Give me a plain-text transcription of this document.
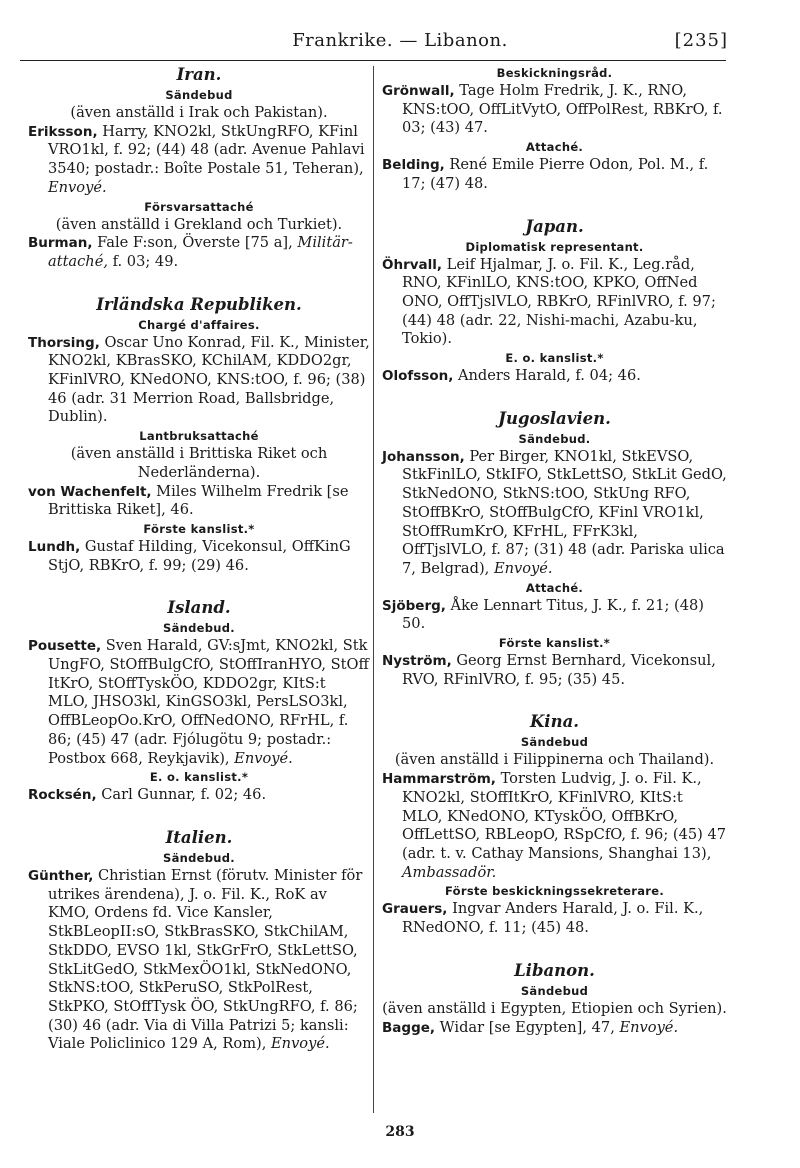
Frankrike. — Libanon.	[235]
Iran.
Sändebud
(även anställd i Irak och Pakistan).
Eriksson, Harry, KNO2kl, StkUngRFO, KFinl VRO1kl, f. 92; (44) 48 (adr. Avenue Pahlavi 3540; postadr.: Boîte Postale 51, Teheran), Envoyé.
Försvarsattaché
(även anställd i Grekland och Turkiet).
Burman, Fale F:son, Överste [75 a], Militär-attaché, f. 03; 49.
Irländska Republiken.
Chargé d'affaires.
Thorsing, Oscar Uno Konrad, Fil. K., Minister, KNO2kl, KBrasSKO, KChilAM, KDDO2gr, KFinlVRO, KNedONO, KNS:tOO, f. 96; (38) 46 (adr. 31 Merrion Road, Ballsbridge, Dublin).
Lantbruksattaché
(även anställd i Brittiska Riket och Nederländerna).
von Wachenfelt, Miles Wilhelm Fredrik [se Brittiska Riket], 46.
Förste kanslist.*
Lundh, Gustaf Hilding, Vicekonsul, OffKinG StjO, RBKrO, f. 99; (29) 46.
Island.
Sändebud.
Pousette, Sven Harald, GV:sJmt, KNO2kl, Stk UngFO, StOffBulgCfO, StOffIranHYO, StOff ItKrO, StOffTyskÖO, KDDO2gr, KItS:t MLO, JHSO3kl, KinGSO3kl, PersLSO3kl, OffBLeopOo.KrO, OffNedONO, RFrHL, f. 86; (45) 47 (adr. Fjólugötu 9; postadr.: Postbox 668, Reykjavik), Envoyé.
E. o. kanslist.*
Rocksén, Carl Gunnar, f. 02; 46.
Italien.
Sändebud.
Günther, Christian Ernst (förutv. Minister för utrikes ärendena), J. o. Fil. K., RoK av KMO, Ordens fd. Vice Kansler, StkBLeopII:sO, StkBrasSKO, StkChilAM, StkDDO, EVSO 1kl, StkGrFrO, StkLettSO, StkLitGedO, StkMexÖO1kl, StkNedONO, StkNS:tOO, StkPeruSO, StkPolRest, StkPKO, StOffTysk ÖO, StkUngRFO, f. 86; (30) 46 (adr. Via di Villa Patrizi 5; kansli: Viale Policlinico 129 A, Rom), Envoyé.
Beskickningsråd.
Grönwall, Tage Holm Fredrik, J. K., RNO, KNS:tOO, OffLitVytO, OffPolRest, RBKrO, f. 03; (43) 47.
Attaché.
Belding, René Emile Pierre Odon, Pol. M., f. 17; (47) 48.
Japan.
Diplomatisk representant.
Öhrvall, Leif Hjalmar, J. o. Fil. K., Leg.råd, RNO, KFinlLO, KNS:tOO, KPKO, OffNed ONO, OffTjslVLO, RBKrO, RFinlVRO, f. 97; (44) 48 (adr. 22, Nishi-machi, Azabu-ku, Tokio).
E. o. kanslist.*
Olofsson, Anders Harald, f. 04; 46.
Jugoslavien.
Sändebud.
Johansson, Per Birger, KNO1kl, StkEVSO, StkFinlLO, StkIFO, StkLettSO, StkLit GedO, StkNedONO, StkNS:tOO, StkUng RFO, StOffBKrO, StOffBulgCfO, KFinl VRO1kl, StOffRumKrO, KFrHL, FFrK3kl, OffTjslVLO, f. 87; (31) 48 (adr. Pariska ulica 7, Belgrad), Envoyé.
Attaché.
Sjöberg, Åke Lennart Titus, J. K., f. 21; (48) 50.
Förste kanslist.*
Nyström, Georg Ernst Bernhard, Vicekonsul, RVO, RFinlVRO, f. 95; (35) 45.
Kina.
Sändebud
(även anställd i Filippinerna och Thailand).
Hammarström, Torsten Ludvig, J. o. Fil. K., KNO2kl, StOffItKrO, KFinlVRO, KItS:t MLO, KNedONO, KTyskÖO, OffBKrO, OffLettSO, RBLeopO, RSpCfO, f. 96; (45) 47 (adr. t. v. Cathay Mansions, Shanghai 13), Ambassadör.
Förste beskickningssekreterare.
Grauers, Ingvar Anders Harald, J. o. Fil. K., RNedONO, f. 11; (45) 48.
Libanon.
Sändebud
(även anställd i Egypten, Etiopien och Syrien).
Bagge, Widar [se Egypten], 47, Envoyé.
283
